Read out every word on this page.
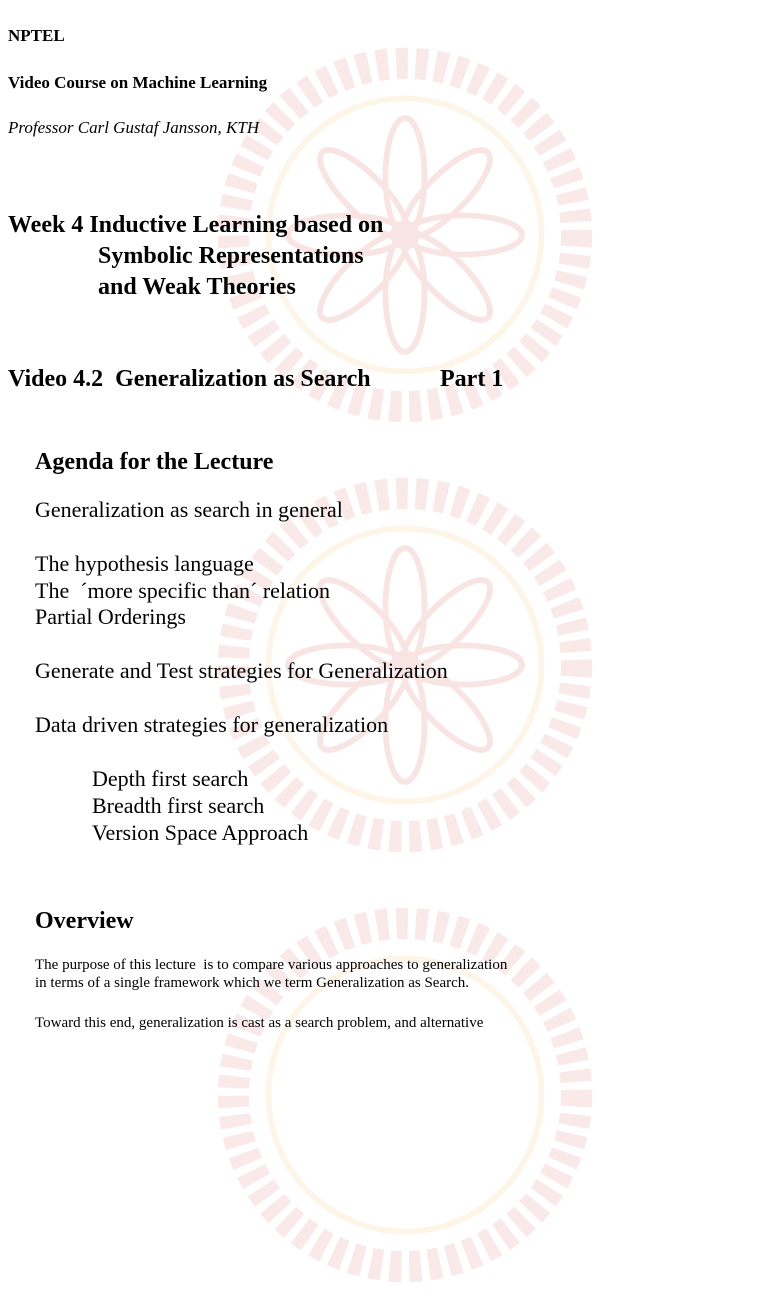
NPTEL
Video Course on Machine Learning
Professor Carl Gustaf Jansson, KTH
Week 4 Inductive Learning based on
Symbolic Representations
and Weak Theories
Video 4.2  Generalization as Search	Part 1
Agenda for the Lecture
Generalization as search in general
The hypothesis language
The  ´more specific than´ relation
Partial Orderings
Generate and Test strategies for Generalization
Data driven strategies for generalization
Depth first search
Breadth first search
Version Space Approach
Overview
The purpose of this lecture  is to compare various approaches to generalization
in terms of a single framework which we term Generalization as Search.
Toward this end, generalization is cast as a search problem, and alternative
